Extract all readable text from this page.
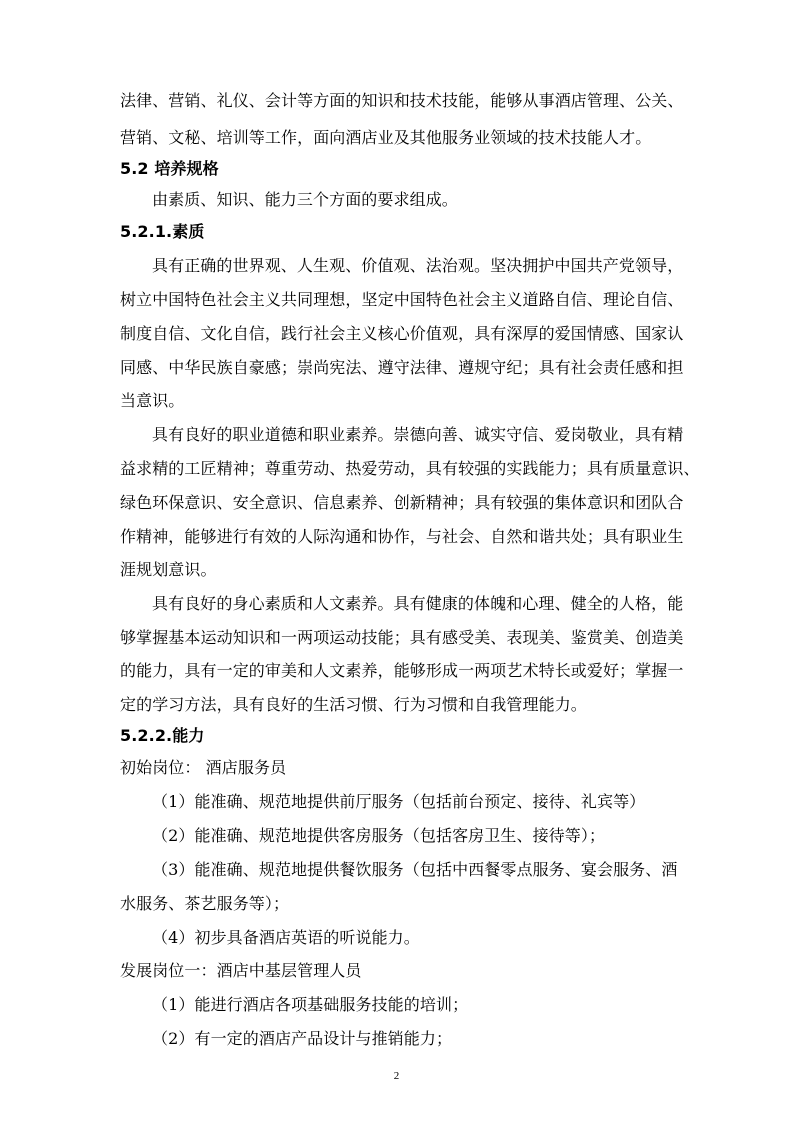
法律、营销、礼仪、会计等方面的知识和技术技能，能够从事酒店管理、公关、
营销、文秘、培训等工作，面向酒店业及其他服务业领域的技术技能人才。
5.2 培养规格
由素质、知识、能力三个方面的要求组成。
5.2.1.素质
具有正确的世界观、人生观、价值观、法治观。坚决拥护中国共产党领导，
树立中国特色社会主义共同理想，坚定中国特色社会主义道路自信、理论自信、
制度自信、文化自信，践行社会主义核心价值观，具有深厚的爱国情感、国家认
同感、中华民族自豪感；崇尚宪法、遵守法律、遵规守纪；具有社会责任感和担
当意识。
具有良好的职业道德和职业素养。崇德向善、诚实守信、爱岗敬业，具有精
益求精的工匠精神；尊重劳动、热爱劳动，具有较强的实践能力；具有质量意识、
绿色环保意识、安全意识、信息素养、创新精神；具有较强的集体意识和团队合
作精神，能够进行有效的人际沟通和协作，与社会、自然和谐共处；具有职业生
涯规划意识。
具有良好的身心素质和人文素养。具有健康的体魄和心理、健全的人格，能
够掌握基本运动知识和一两项运动技能；具有感受美、表现美、鉴赏美、创造美
的能力，具有一定的审美和人文素养，能够形成一两项艺术特长或爱好；掌握一
定的学习方法，具有良好的生活习惯、行为习惯和自我管理能力。
5.2.2.能力
初始岗位： 酒店服务员
（1）能准确、规范地提供前厅服务（包括前台预定、接待、礼宾等）
（2）能准确、规范地提供客房服务（包括客房卫生、接待等）；
（3）能准确、规范地提供餐饮服务（包括中西餐零点服务、宴会服务、酒
水服务、茶艺服务等）；
（4）初步具备酒店英语的听说能力。
发展岗位一：酒店中基层管理人员
（1）能进行酒店各项基础服务技能的培训；
（2）有一定的酒店产品设计与推销能力；
2
